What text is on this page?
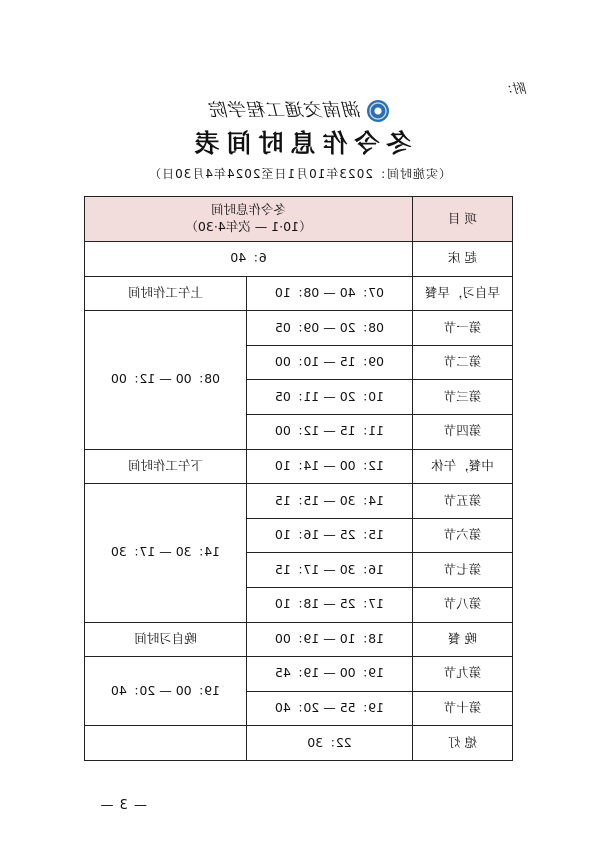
附：
湖南交通工程学院
冬令作息时间表
（实施时间：2023年10月1日至2024年4月30日）
项 目	冬令作息时间
（10·1 — 次年4·30）	

起 床	6：40	
早自习，早餐	07：40 — 08：10	上午工作时间
第一节	08：20 — 09：05	08：00 — 12：00
第二节	09：15 — 10：00	
第三节	10：20 — 11：05	
第四节	11：15 — 12：00	
中餐，午休	12：00 — 14：10	下午工作时间
第五节	14：30 — 15：15	14：30 — 17：30
第六节	15：25 — 16：10	
第七节	16：30 — 17：15	
第八节	17：25 — 18：10	
晚 餐	18：10 — 19：00	晚自习时间
第九节	19：00 — 19：45	19：00 — 20：40
第十节	19：55 — 20：40	
熄 灯	22：30	
— 3 —
